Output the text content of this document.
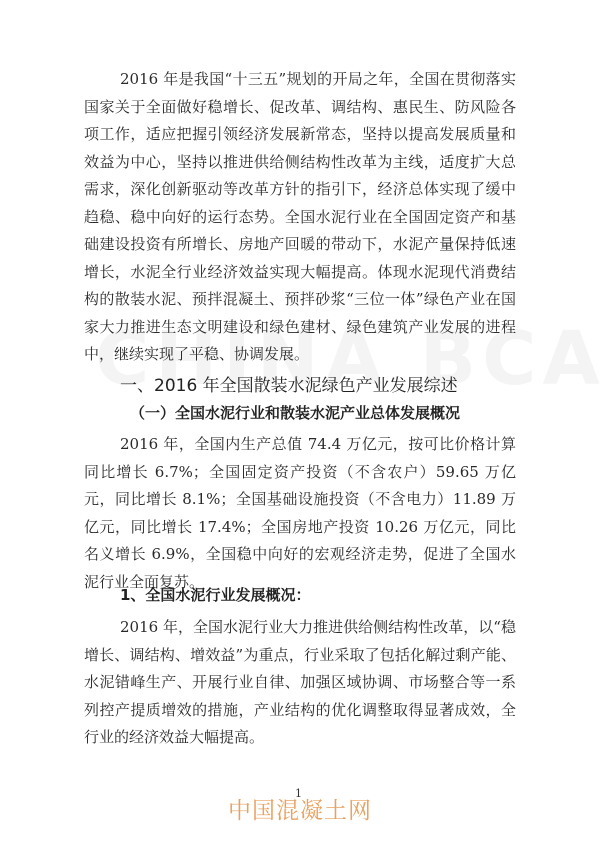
2016 年是我国“十三五”规划的开局之年，全国在贯彻落实国家关于全面做好稳增长、促改革、调结构、惠民生、防风险各项工作，适应把握引领经济发展新常态，坚持以提高发展质量和效益为中心，坚持以推进供给侧结构性改革为主线，适度扩大总需求，深化创新驱动等改革方针的指引下，经济总体实现了缓中趋稳、稳中向好的运行态势。全国水泥行业在全国固定资产和基础建设投资有所增长、房地产回暖的带动下，水泥产量保持低速增长，水泥全行业经济效益实现大幅提高。体现水泥现代消费结构的散装水泥、预拌混凝土、预拌砂浆“三位一体”绿色产业在国家大力推进生态文明建设和绿色建材、绿色建筑产业发展的进程中，继续实现了平稳、协调发展。

一、2016 年全国散装水泥绿色产业发展综述
（一）全国水泥行业和散装水泥产业总体发展概况

2016 年，全国内生产总值 74.4 万亿元，按可比价格计算同比增长 6.7%；全国固定资产投资（不含农户）59.65 万亿元，同比增长 8.1%；全国基础设施投资（不含电力）11.89 万亿元，同比增长 17.4%；全国房地产投资 10.26 万亿元，同比名义增长 6.9%，全国稳中向好的宏观经济走势，促进了全国水泥行业全面复苏。

1、全国水泥行业发展概况：

2016 年，全国水泥行业大力推进供给侧结构性改革，以“稳增长、调结构、增效益”为重点，行业采取了包括化解过剩产能、水泥错峰生产、开展行业自律、加强区域协调、市场整合等一系列控产提质增效的措施，产业结构的优化调整取得显著成效，全行业的经济效益大幅提高。

1
中国混凝土网
